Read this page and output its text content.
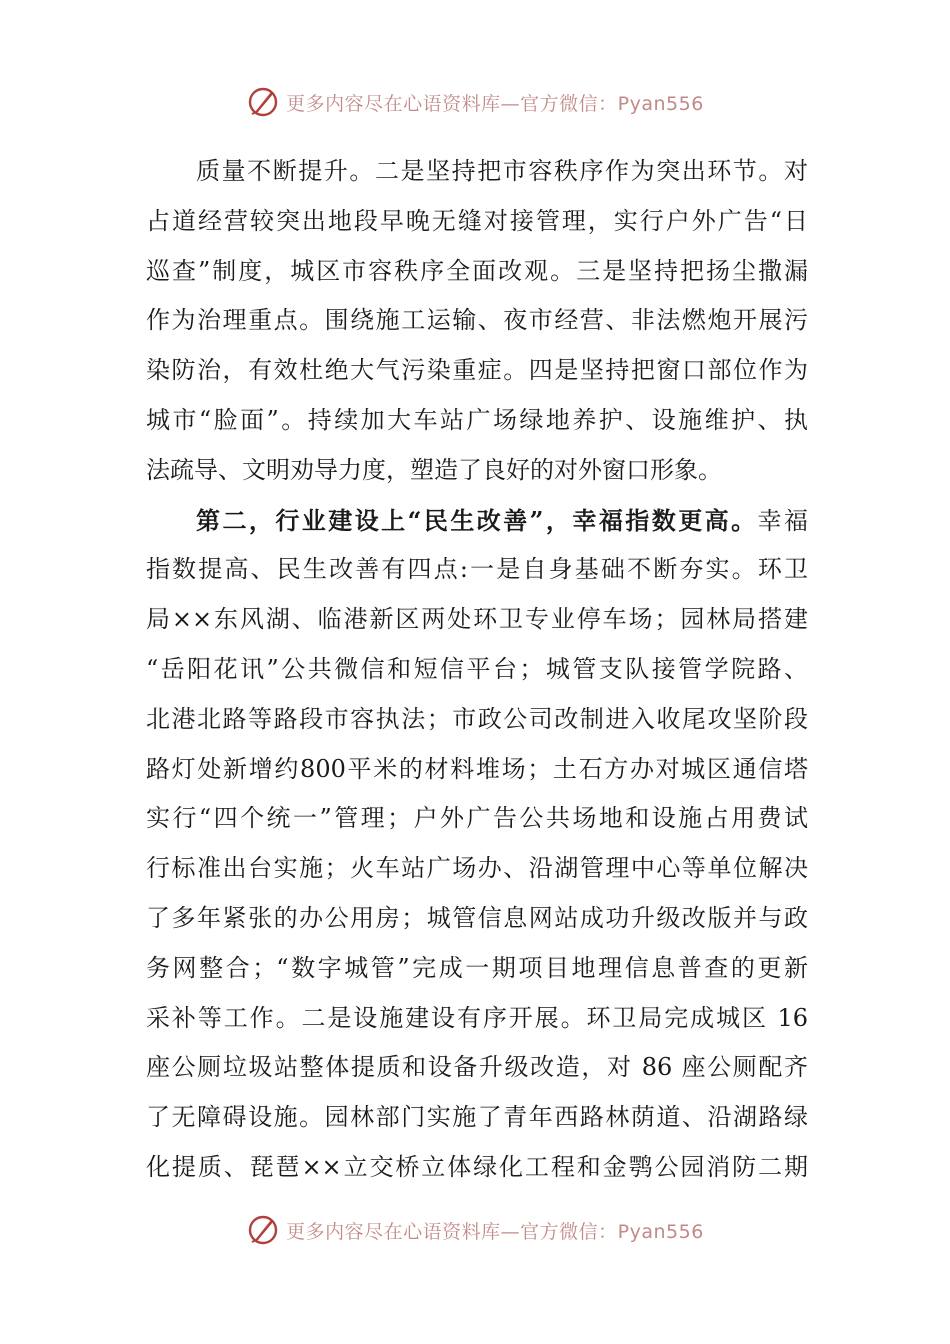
更多内容尽在心语资料库—官方微信：Pyan556
质量不断提升。二是坚持把市容秩序作为突出环节。对
占道经营较突出地段早晚无缝对接管理，实行户外广告“日
巡查”制度，城区市容秩序全面改观。三是坚持把扬尘撒漏
作为治理重点。围绕施工运输、夜市经营、非法燃炮开展污
染防治，有效杜绝大气污染重症。四是坚持把窗口部位作为
城市“脸面”。持续加大车站广场绿地养护、设施维护、执
法疏导、文明劝导力度，塑造了良好的对外窗口形象。
第二，行业建设上“民生改善”，幸福指数更高。幸福
指数提高、民生改善有四点:一是自身基础不断夯实。环卫
局××东风湖、临港新区两处环卫专业停车场；园林局搭建
“岳阳花讯”公共微信和短信平台；城管支队接管学院路、
北港北路等路段市容执法；市政公司改制进入收尾攻坚阶段
路灯处新增约800平米的材料堆场；土石方办对城区通信塔
实行“四个统一”管理；户外广告公共场地和设施占用费试
行标准出台实施；火车站广场办、沿湖管理中心等单位解决
了多年紧张的办公用房；城管信息网站成功升级改版并与政
务网整合；“数字城管”完成一期项目地理信息普查的更新
采补等工作。二是设施建设有序开展。环卫局完成城区 16
座公厕垃圾站整体提质和设备升级改造，对 86 座公厕配齐
了无障碍设施。园林部门实施了青年西路林荫道、沿湖路绿
化提质、琵琶××立交桥立体绿化工程和金鹗公园消防二期
更多内容尽在心语资料库—官方微信：Pyan556
